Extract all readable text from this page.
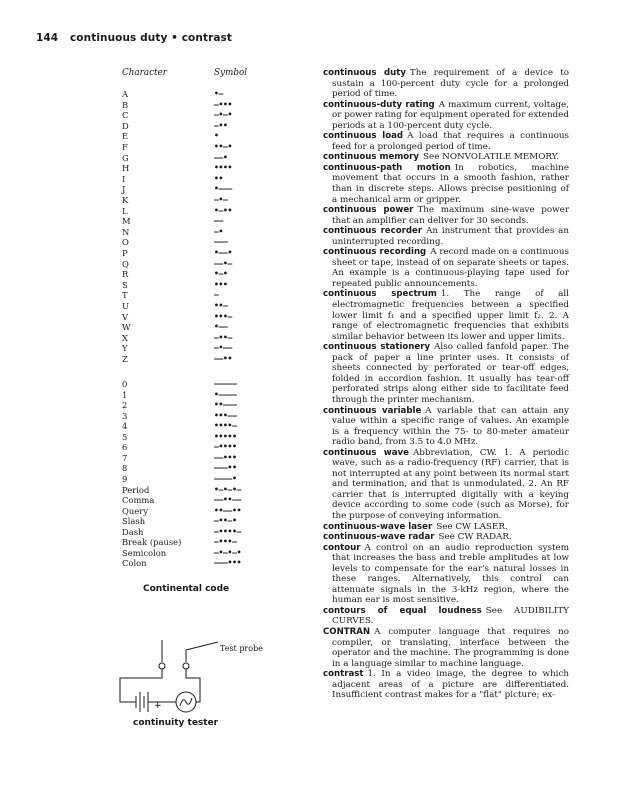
144 continuous duty • contrast
Character	Symbol
A	•—
B	—•••
C	—•—•
D	—••
E	•
F	••—•
G	——•
H	••••
I	••
J	•———
K	—•—
L	•—••
M	——
N	—•
O	———
P	•——•
Q	——•—
R	•—•
S	•••
T	—
U	••—
V	•••—
W	•——
X	—••—
Y	—•——
Z	——••
0	—————
1	•————
2	••———
3	•••——
4	••••—
5	•••••
6	—••••
7	——•••
8	———••
9	————•
Period	•—•—•—
Comma	——••——
Query	••——••
Slash	—••—•
Dash	—••••—
Break (pause)	—•••—
Semicolon	—•—•—•
Colon	———•••
Continental code
+
Test probe
continuity tester

continuous duty The requirement of a device to sustain a 100-percent duty cycle for a prolonged period of time.

continuous-duty rating A maximum current, voltage, or power rating for equipment operated for extended periods at a 100-percent duty cycle.

continuous load A load that requires a continuous feed for a prolonged period of time.

continuous memory See NONVOLATILE MEMORY.

continuous-path motion In robotics, machine movement that occurs in a smooth fashion, rather than in discrete steps. Allows precise positioning of a mechanical arm or gripper.

continuous power The maximum sine-wave power that an amplifier can deliver for 30 seconds.

continuous recorder An instrument that provides an uninterrupted recording.

continuous recording A record made on a continuous sheet or tape, instead of on separate sheets or tapes. An example is a continuous-playing tape used for repeated public announcements.

continuous spectrum 1. The range of all electromagnetic frequencies between a specified lower limit f₁ and a specified upper limit f₂. 2. A range of electromagnetic frequencies that exhibits similar behavior between its lower and upper limits.

continuous stationery Also called fanfold paper. The pack of paper a line printer uses. It consists of sheets connected by perforated or tear-off edges, folded in accordion fashion. It usually has tear-off perforated strips along either side to facilitate feed through the printer mechanism.

continuous variable A variable that can attain any value within a specific range of values. An example is a frequency within the 75- to 80-meter amateur radio band, from 3.5 to 4.0 MHz.

continuous wave Abbreviation, CW. 1. A periodic wave, such as a radio-frequency (RF) carrier, that is not interrupted at any point between its normal start and termination, and that is unmodulated. 2. An RF carrier that is interrupted digitally with a keying device according to some code (such as Morse), for the purpose of conveying information.

continuous-wave laser See CW LASER.

continuous-wave radar See CW RADAR.

contour A control on an audio reproduction system that increases the bass and treble amplitudes at low levels to compensate for the ear's natural losses in these ranges. Alternatively, this control can attenuate signals in the 3-kHz region, where the human ear is most sensitive.

contours of equal loudness See AUDIBILITY CURVES.

CONTRAN A computer language that requires no compiler, or translating, interface between the operator and the machine. The programming is done in a language similar to machine language.

contrast 1. In a video image, the degree to which adjacent areas of a picture are differentiated. Insufficient contrast makes for a "flat" picture; ex-
